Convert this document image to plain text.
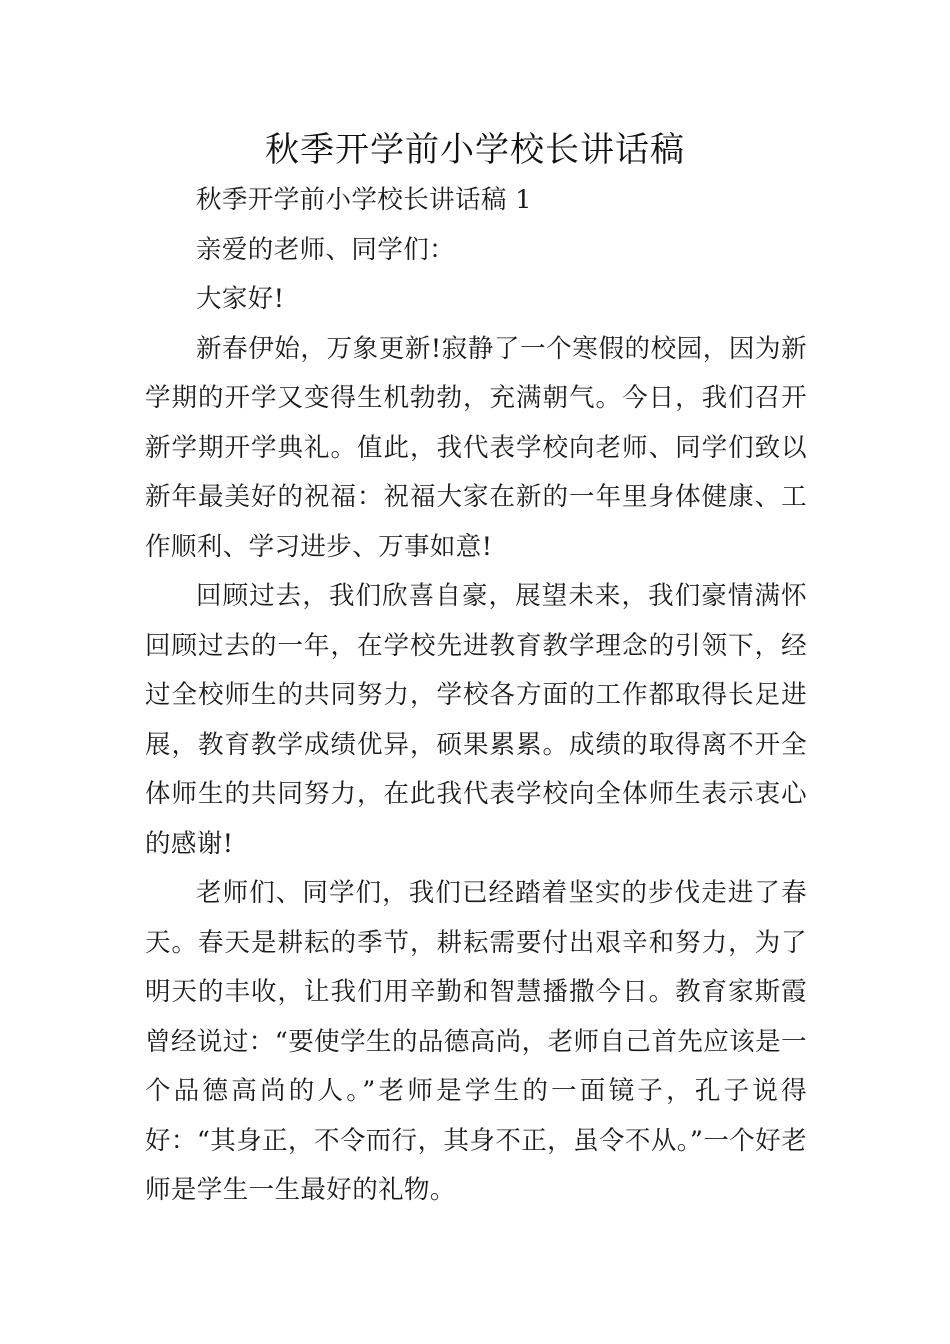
秋季开学前小学校长讲话稿

秋季开学前小学校长讲话稿 1

亲爱的老师、同学们：

大家好!

新春伊始，万象更新!寂静了一个寒假的校园，因为新学期的开学又变得生机勃勃，充满朝气。今日，我们召开新学期开学典礼。值此，我代表学校向老师、同学们致以新年最美好的祝福：祝福大家在新的一年里身体健康、工作顺利、学习进步、万事如意!

回顾过去，我们欣喜自豪，展望未来，我们豪情满怀回顾过去的一年，在学校先进教育教学理念的引领下，经过全校师生的共同努力，学校各方面的工作都取得长足进展，教育教学成绩优异，硕果累累。成绩的取得离不开全体师生的共同努力，在此我代表学校向全体师生表示衷心的感谢!

老师们、同学们，我们已经踏着坚实的步伐走进了春天。春天是耕耘的季节，耕耘需要付出艰辛和努力，为了明天的丰收，让我们用辛勤和智慧播撒今日。教育家斯霞曾经说过：“要使学生的品德高尚，老师自己首先应该是一个品德高尚的人。”老师是学生的一面镜子，孔子说得好：“其身正，不令而行，其身不正，虽令不从。”一个好老师是学生一生最好的礼物。
